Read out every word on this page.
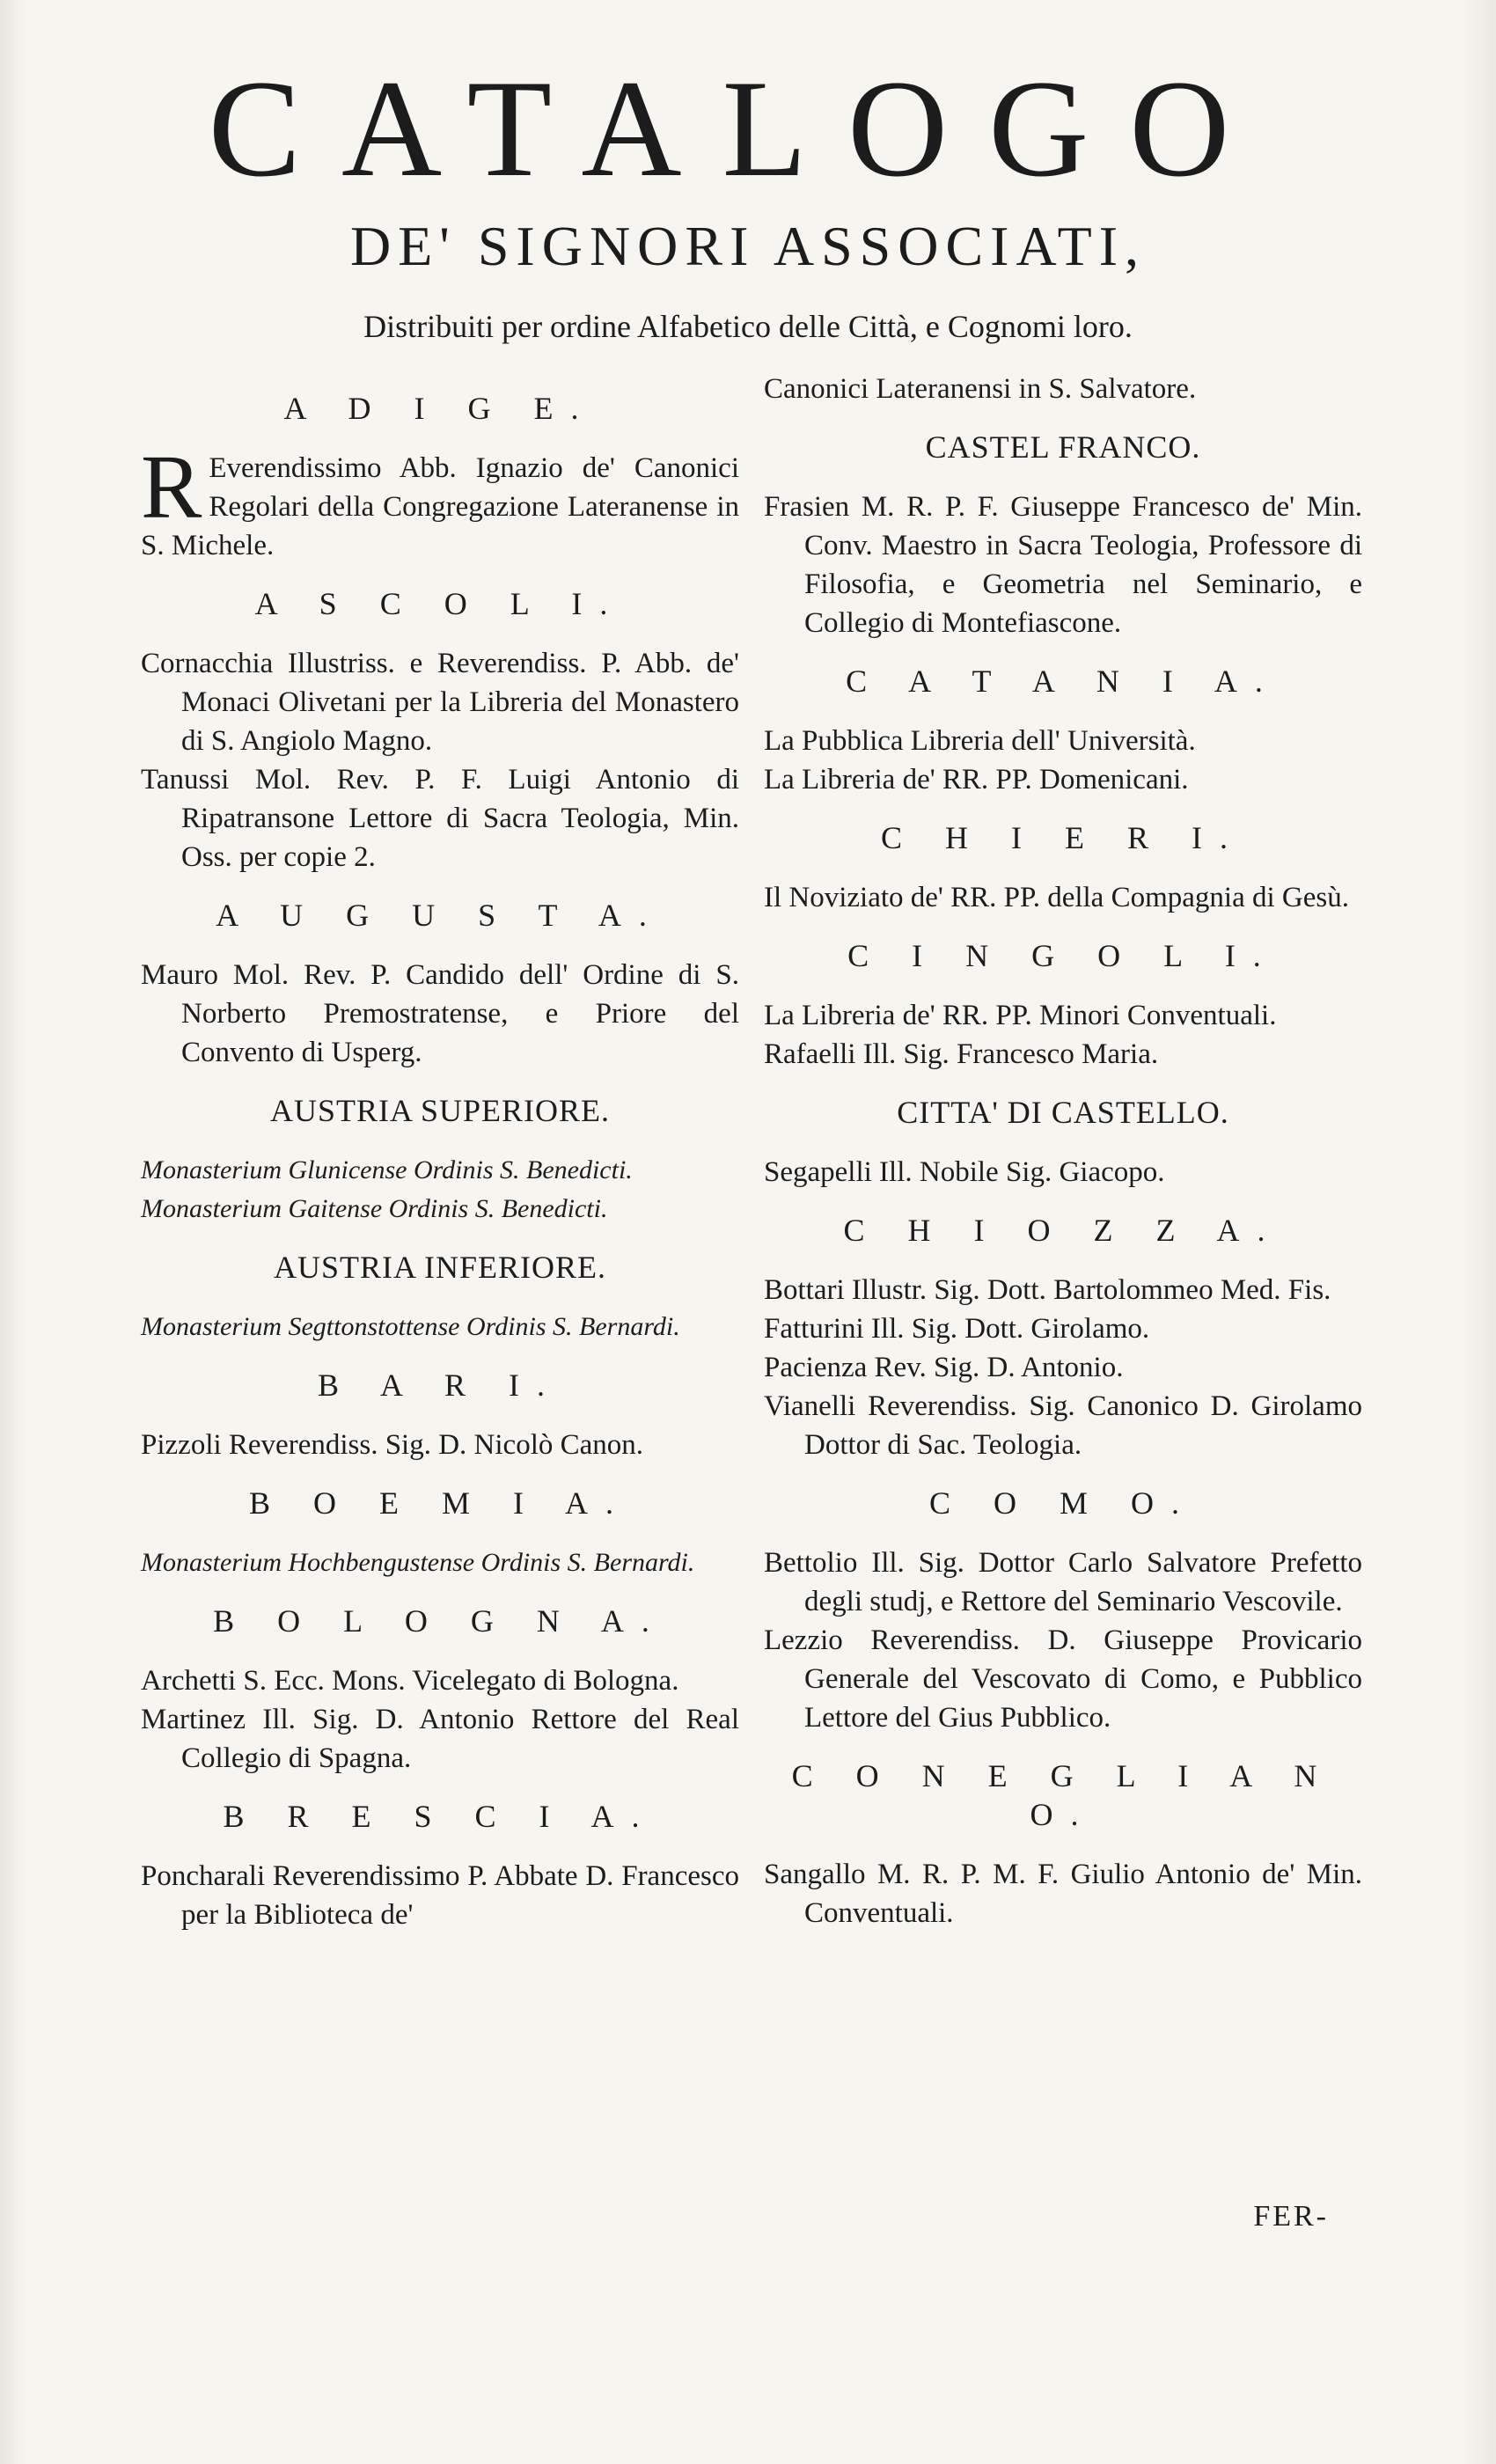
CATALOGO
DE' SIGNORI ASSOCIATI,
Distribuiti per ordine Alfabetico delle Città, e Cognomi loro.
A D I G E.

R Everendissimo Abb. Ignazio de' Canonici Regolari della Congregazione Lateranense in S. Michele.

A S C O L I.

Cornacchia Illustriss. e Reverendiss. P. Abb. de' Monaci Olivetani per la Libreria del Monastero di S. Angiolo Magno.

Tanussi Mol. Rev. P. F. Luigi Antonio di Ripatransone Lettore di Sacra Teologia, Min. Oss. per copie 2.

A U G U S T A.

Mauro Mol. Rev. P. Candido dell' Ordine di S. Norberto Premostratense, e Priore del Convento di Usperg.

AUSTRIA SUPERIORE.

Monasterium Glunicense Ordinis S. Benedicti.

Monasterium Gaitense Ordinis S. Benedicti.

AUSTRIA INFERIORE.

Monasterium Segttonstottense Ordinis S. Bernardi.

B A R I.

Pizzoli Reverendiss. Sig. D. Nicolò Canon.

B O E M I A.

Monasterium Hochbengustense Ordinis S. Bernardi.

B O L O G N A.

Archetti S. Ecc. Mons. Vicelegato di Bologna.

Martinez Ill. Sig. D. Antonio Rettore del Real Collegio di Spagna.

B R E S C I A.

Poncharali Reverendissimo P. Abbate D. Francesco per la Biblioteca de'

Canonici Lateranensi in S. Salvatore.

CASTEL FRANCO.

Frasien M. R. P. F. Giuseppe Francesco de' Min. Conv. Maestro in Sacra Teologia, Professore di Filosofia, e Geometria nel Seminario, e Collegio di Montefiascone.

C A T A N I A.

La Pubblica Libreria dell' Università.

La Libreria de' RR. PP. Domenicani.

C H I E R I.

Il Noviziato de' RR. PP. della Compagnia di Gesù.

C I N G O L I.

La Libreria de' RR. PP. Minori Conventuali.

Rafaelli Ill. Sig. Francesco Maria.

CITTA' DI CASTELLO.

Segapelli Ill. Nobile Sig. Giacopo.

C H I O Z Z A.

Bottari Illustr. Sig. Dott. Bartolommeo Med. Fis.

Fatturini Ill. Sig. Dott. Girolamo.

Pacienza Rev. Sig. D. Antonio.

Vianelli Reverendiss. Sig. Canonico D. Girolamo Dottor di Sac. Teologia.

C O M O.

Bettolio Ill. Sig. Dottor Carlo Salvatore Prefetto degli studj, e Rettore del Seminario Vescovile.

Lezzio Reverendiss. D. Giuseppe Provicario Generale del Vescovato di Como, e Pubblico Lettore del Gius Pubblico.

C O N E G L I A N O.

Sangallo M. R. P. M. F. Giulio Antonio de' Min. Conventuali.

FER-
